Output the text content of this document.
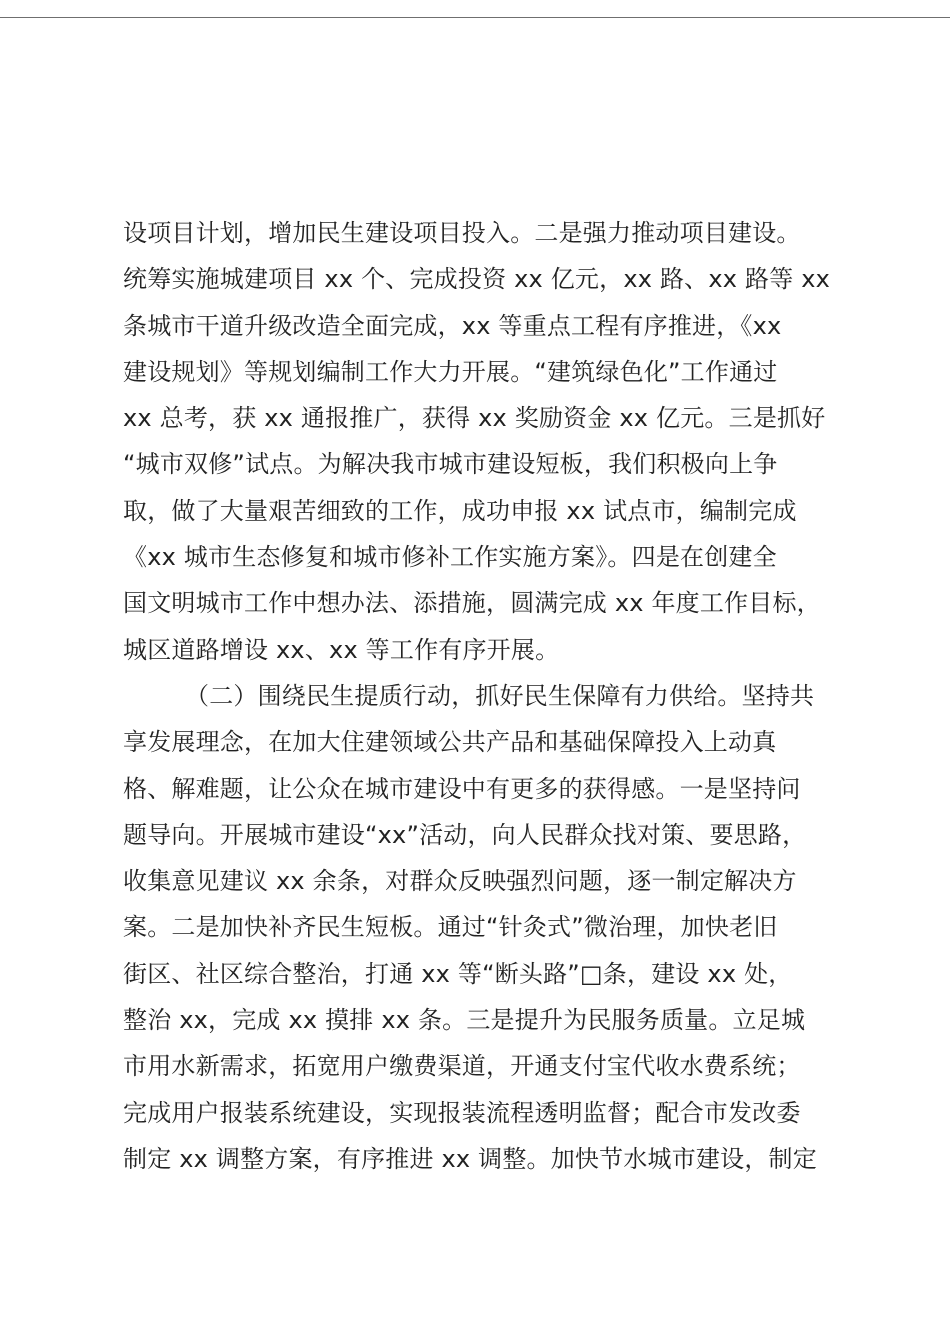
设项目计划，增加民生建设项目投入。二是强力推动项目建设。
统筹实施城建项目 xx 个、完成投资 xx 亿元，xx 路、xx 路等 xx
条城市干道升级改造全面完成，xx 等重点工程有序推进，《xx
建设规划》等规划编制工作大力开展。“建筑绿色化”工作通过
xx 总考，获 xx 通报推广，获得 xx 奖励资金 xx 亿元。三是抓好
“城市双修”试点。为解决我市城市建设短板，我们积极向上争
取，做了大量艰苦细致的工作，成功申报 xx 试点市，编制完成
《xx 城市生态修复和城市修补工作实施方案》。四是在创建全
国文明城市工作中想办法、添措施，圆满完成 xx 年度工作目标，
城区道路增设 xx、xx 等工作有序开展。
（二）围绕民生提质行动，抓好民生保障有力供给。坚持共
享发展理念，在加大住建领域公共产品和基础保障投入上动真
格、解难题，让公众在城市建设中有更多的获得感。一是坚持问
题导向。开展城市建设“xx”活动，向人民群众找对策、要思路，
收集意见建议 xx 余条，对群众反映强烈问题，逐一制定解决方
案。二是加快补齐民生短板。通过“针灸式”微治理，加快老旧
街区、社区综合整治，打通 xx 等“断头路”□条，建设 xx 处，
整治 xx，完成 xx 摸排 xx 条。三是提升为民服务质量。立足城
市用水新需求，拓宽用户缴费渠道，开通支付宝代收水费系统；
完成用户报装系统建设，实现报装流程透明监督；配合市发改委
制定 xx 调整方案，有序推进 xx 调整。加快节水城市建设，制定
